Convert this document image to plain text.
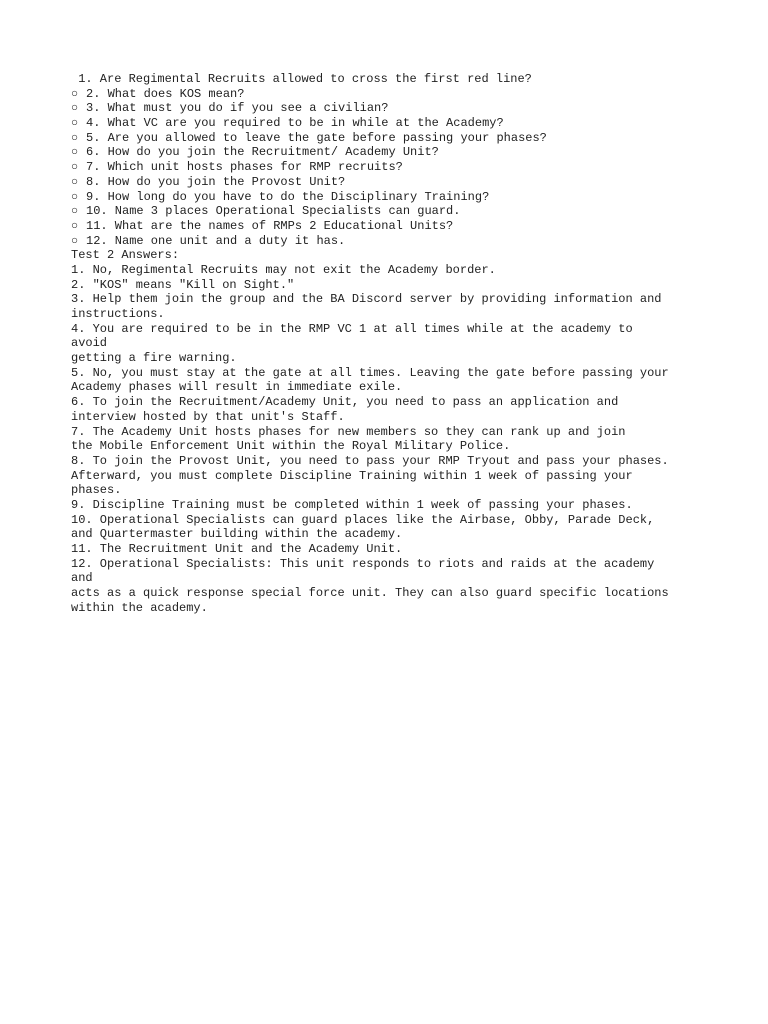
1. Are Regimental Recruits allowed to cross the first red line?
○ 2. What does KOS mean?
○ 3. What must you do if you see a civilian?
○ 4. What VC are you required to be in while at the Academy?
○ 5. Are you allowed to leave the gate before passing your phases?
○ 6. How do you join the Recruitment/ Academy Unit?
○ 7. Which unit hosts phases for RMP recruits?
○ 8. How do you join the Provost Unit?
○ 9. How long do you have to do the Disciplinary Training?
○ 10. Name 3 places Operational Specialists can guard.
○ 11. What are the names of RMPs 2 Educational Units?
○ 12. Name one unit and a duty it has.
Test 2 Answers:
1. No, Regimental Recruits may not exit the Academy border.
2. "KOS" means "Kill on Sight."
3. Help them join the group and the BA Discord server by providing information and
instructions.
4. You are required to be in the RMP VC 1 at all times while at the academy to
avoid
getting a fire warning.
5. No, you must stay at the gate at all times. Leaving the gate before passing your
Academy phases will result in immediate exile.
6. To join the Recruitment/Academy Unit, you need to pass an application and
interview hosted by that unit's Staff.
7. The Academy Unit hosts phases for new members so they can rank up and join
the Mobile Enforcement Unit within the Royal Military Police.
8. To join the Provost Unit, you need to pass your RMP Tryout and pass your phases.
Afterward, you must complete Discipline Training within 1 week of passing your
phases.
9. Discipline Training must be completed within 1 week of passing your phases.
10. Operational Specialists can guard places like the Airbase, Obby, Parade Deck,
and Quartermaster building within the academy.
11. The Recruitment Unit and the Academy Unit.
12. Operational Specialists: This unit responds to riots and raids at the academy
and
acts as a quick response special force unit. They can also guard specific locations
within the academy.
